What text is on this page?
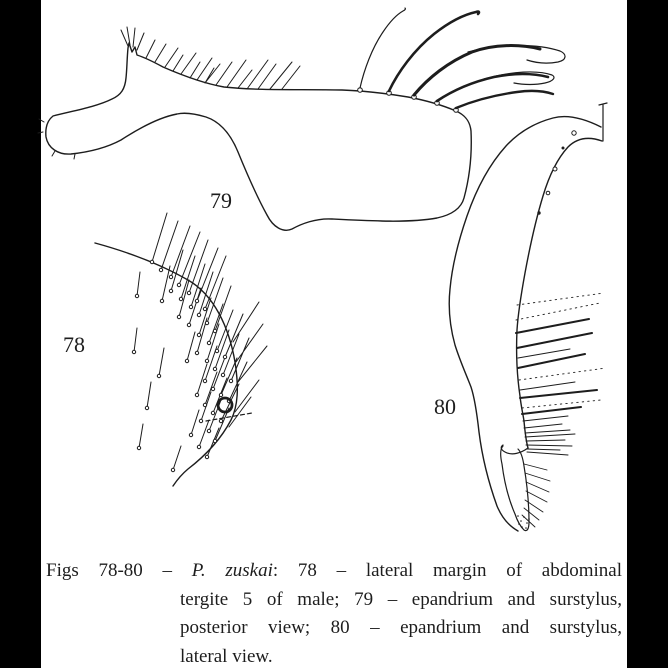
79
78
80
Figs 78-80 – P. zuskai: 78 – lateral margin of abdominal
tergite 5 of male; 79 – epandrium and surstylus,
posterior view; 80 – epandrium and surstylus,
lateral view.
